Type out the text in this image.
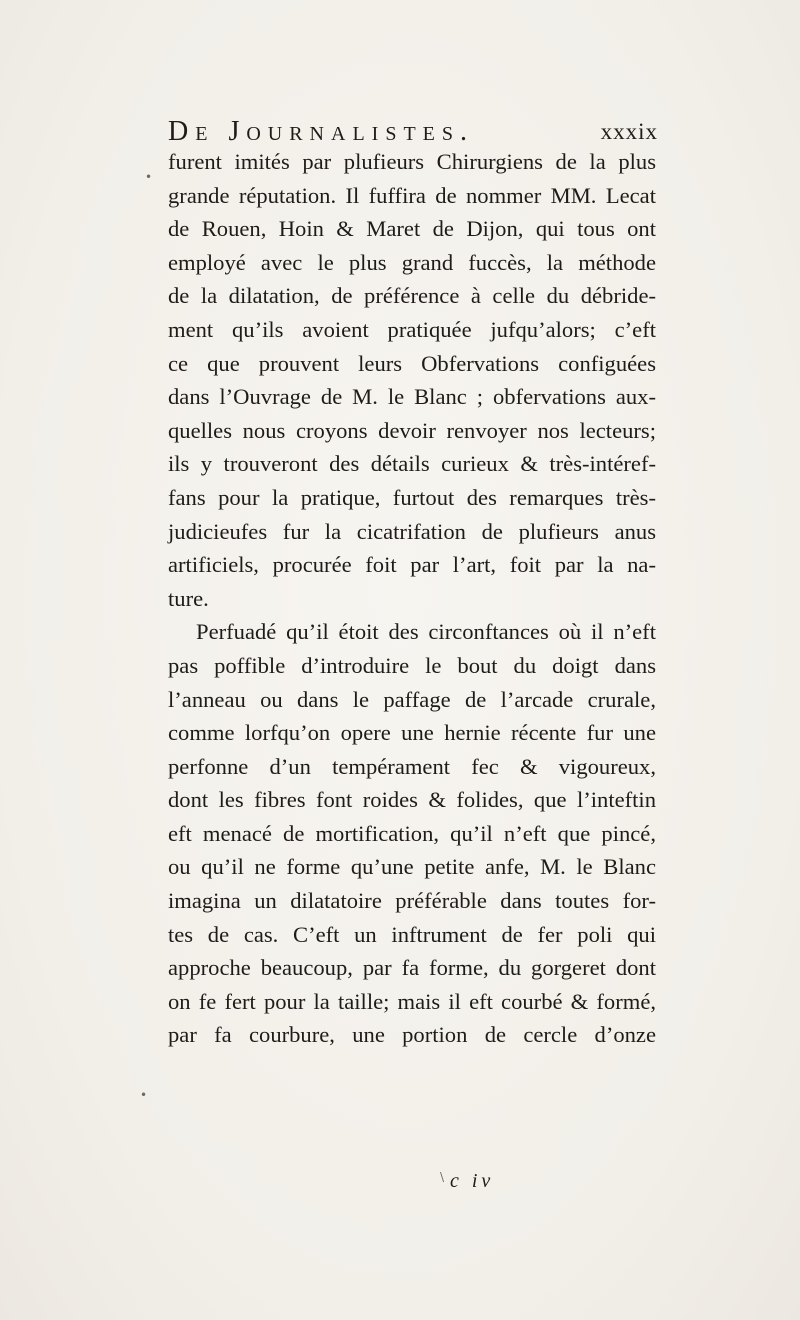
De Journalistes.	xxxix
furent imités par plufieurs Chirurgiens de la plus
grande réputation. Il fuffira de nommer MM. Lecat
de Rouen, Hoin & Maret de Dijon, qui tous ont
employé avec le plus grand fuccès, la méthode
de la dilatation, de préférence à celle du débride-
ment qu’ils avoient pratiquée jufqu’alors; c’eft
ce que prouvent leurs Obfervations configuées
dans l’Ouvrage de M. le Blanc ; obfervations aux-
quelles nous croyons devoir renvoyer nos lecteurs;
ils y trouveront des détails curieux & très-intéref-
fans pour la pratique, furtout des remarques très-
judicieufes fur la cicatrifation de plufieurs anus
artificiels, procurée foit par l’art, foit par la na-
ture.
Perfuadé qu’il étoit des circonftances où il n’eft
pas poffible d’introduire le bout du doigt dans
l’anneau ou dans le paffage de l’arcade crurale,
comme lorfqu’on opere une hernie récente fur une
perfonne d’un tempérament fec & vigoureux,
dont les fibres font roides & folides, que l’inteftin
eft menacé de mortification, qu’il n’eft que pincé,
ou qu’il ne forme qu’une petite anfe, M. le Blanc
imagina un dilatatoire préférable dans toutes for-
tes de cas. C’eft un inftrument de fer poli qui
approche beaucoup, par fa forme, du gorgeret dont
on fe fert pour la taille; mais il eft courbé & formé,
par fa courbure, une portion de cercle d’onze
c iv
•
•
\
